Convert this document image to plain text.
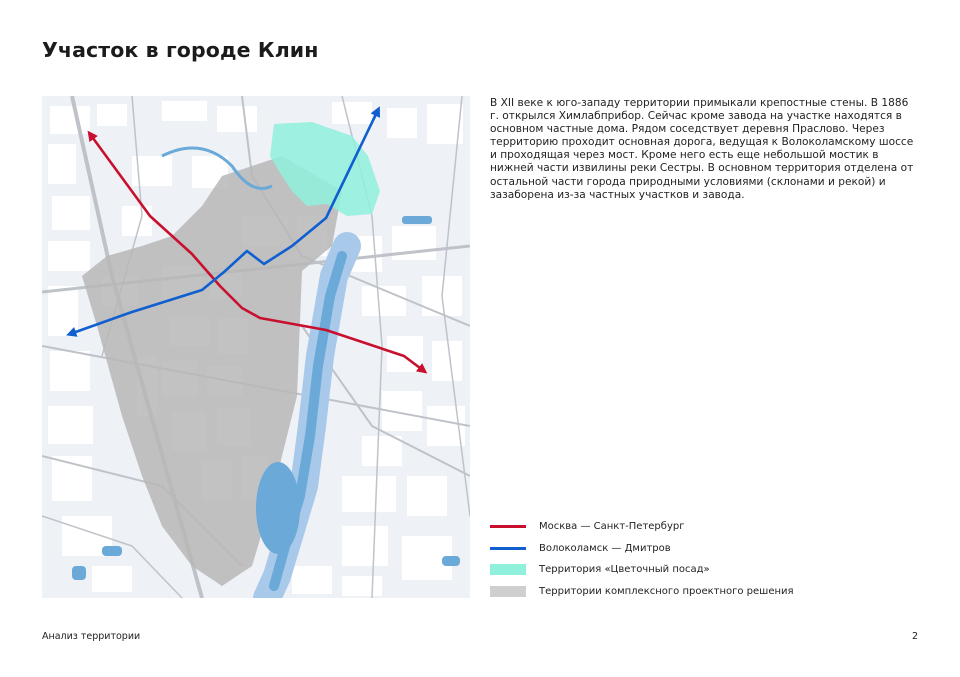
Участок в городе Клин

В XII веке к юго-западу территории примыкали крепостные стены. В 1886 г. открылся Химлабприбор. Сейчас кроме завода на участке находятся в основном частные дома. Рядом соседствует деревня Праслово. Через территорию проходит основная дорога, ведущая к Волоколамскому шоссе и проходящая через мост. Кроме него есть еще небольшой мостик в нижней части извилины реки Сестры. В основном территория отделена от остальной части города природными условиями (склонами и рекой) и зазаборена из-за частных участков и завода.

Москва — Санкт-Петербург
Волоколамск — Дмитров
Территория «Цветочный посад»
Территории комплексного проектного решения
Анализ территории	2
